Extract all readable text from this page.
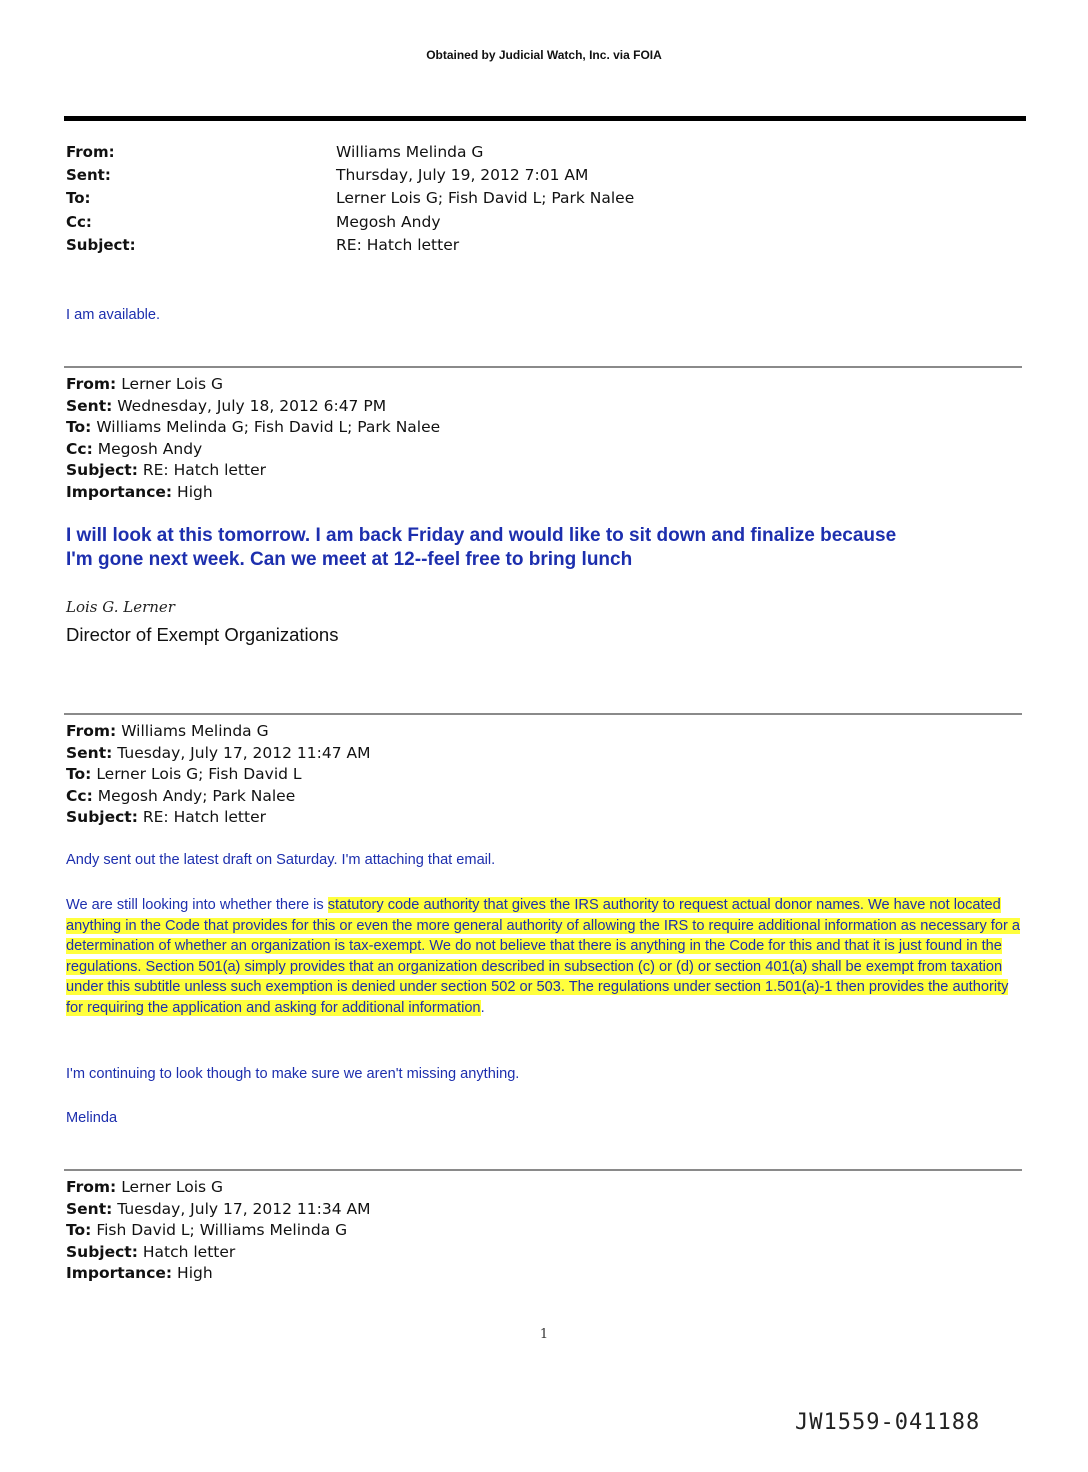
Obtained by Judicial Watch, Inc. via FOIA
From:	Williams Melinda G
Sent:	Thursday, July 19, 2012 7:01 AM
To:	Lerner Lois G; Fish David L; Park Nalee
Cc:	Megosh Andy
Subject:	RE: Hatch letter
I am available.
From: Lerner Lois G
Sent: Wednesday, July 18, 2012 6:47 PM
To: Williams Melinda G; Fish David L; Park Nalee
Cc: Megosh Andy
Subject: RE: Hatch letter
Importance: High
I will look at this tomorrow. I am back Friday and would like to sit down and finalize because
I'm gone next week. Can we meet at 12--feel free to bring lunch
Lois G. Lerner
Director of Exempt Organizations
From: Williams Melinda G
Sent: Tuesday, July 17, 2012 11:47 AM
To: Lerner Lois G; Fish David L
Cc: Megosh Andy; Park Nalee
Subject: RE: Hatch letter
Andy sent out the latest draft on Saturday. I'm attaching that email.
We are still looking into whether there is statutory code authority that gives the IRS authority to request actual donor names. We have not located anything in the Code that provides for this or even the more general authority of allowing the IRS to require additional information as necessary for a determination of whether an organization is tax-exempt. We do not believe that there is anything in the Code for this and that it is just found in the regulations. Section 501(a) simply provides that an organization described in subsection (c) or (d) or section 401(a) shall be exempt from taxation under this subtitle unless such exemption is denied under section 502 or 503. The regulations under section 1.501(a)-1 then provides the authority for requiring the application and asking for additional information.
I'm continuing to look though to make sure we aren't missing anything.
Melinda
From: Lerner Lois G
Sent: Tuesday, July 17, 2012 11:34 AM
To: Fish David L; Williams Melinda G
Subject: Hatch letter
Importance: High
1
JW1559-041188
